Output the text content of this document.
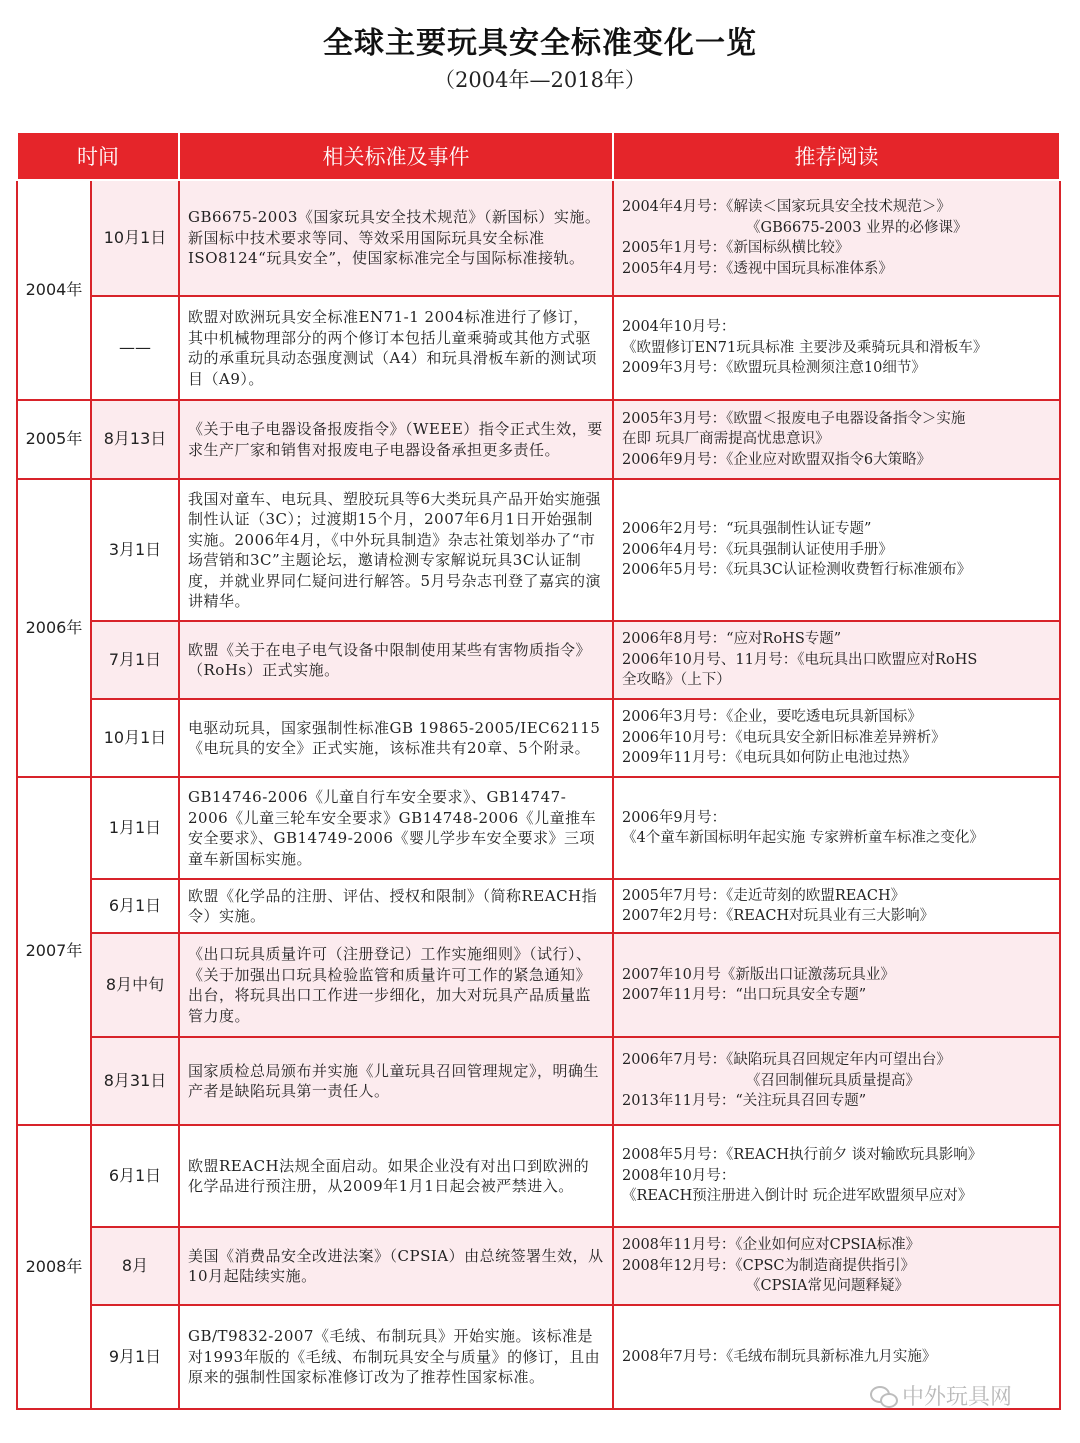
全球主要玩具安全标准变化一览
（2004年—2018年）
时间		相关标准及事件	推荐阅读
2004年	10月1日	GB6675-2003《国家玩具安全技术规范》（新国标）实施。新国标中技术要求等同、等效采用国际玩具安全标准ISO8124“玩具安全”，使国家标准完全与国际标准接轨。	2004年4月号：《解读＜国家玩具安全技术规范＞》
《GB6675-2003 业界的必修课》
2005年1月号：《新国标纵横比较》
2005年4月号：《透视中国玩具标准体系》

	——	欧盟对欧洲玩具安全标准EN71-1 2004标准进行了修订，其中机械物理部分的两个修订本包括儿童乘骑或其他方式驱动的承重玩具动态强度测试（A4）和玩具滑板车新的测试项目（A9）。	2004年10月号：
《欧盟修订EN71玩具标准 主要涉及乘骑玩具和滑板车》
2009年3月号：《欧盟玩具检测须注意10细节》

2005年	8月13日	《关于电子电器设备报废指令》（WEEE）指令正式生效，要求生产厂家和销售对报废电子电器设备承担更多责任。	2005年3月号：《欧盟＜报废电子电器设备指令＞实施
在即 玩具厂商需提高忧患意识》
2006年9月号：《企业应对欧盟双指令6大策略》

2006年	3月1日	我国对童车、电玩具、塑胶玩具等6大类玩具产品开始实施强制性认证（3C）；过渡期15个月，2007年6月1日开始强制实施。2006年4月，《中外玩具制造》杂志社策划举办了“市场营销和3C”主题论坛，邀请检测专家解说玩具3C认证制度，并就业界同仁疑问进行解答。5月号杂志刊登了嘉宾的演讲精华。	2006年2月号：“玩具强制性认证专题”
2006年4月号：《玩具强制认证使用手册》
2006年5月号：《玩具3C认证检测收费暂行标准颁布》

	7月1日	欧盟《关于在电子电气设备中限制使用某些有害物质指令》（RoHs）正式实施。	2006年8月号：“应对RoHS专题”
2006年10月号、11月号：《电玩具出口欧盟应对RoHS
全攻略》（上下）

	10月1日	电驱动玩具，国家强制性标准GB 19865-2005/IEC62115《电玩具的安全》正式实施，该标准共有20章、5个附录。	2006年3月号：《企业，要吃透电玩具新国标》
2006年10月号：《电玩具安全新旧标准差异辨析》
2009年11月号：《电玩具如何防止电池过热》

2007年	1月1日	GB14746-2006《儿童自行车安全要求》、GB14747-2006《儿童三轮车安全要求》GB14748-2006《儿童推车安全要求》、GB14749-2006《婴儿学步车安全要求》三项童车新国标实施。	2006年9月号：
《4个童车新国标明年起实施 专家辨析童车标准之变化》

	6月1日	欧盟《化学品的注册、评估、授权和限制》（简称REACH指令）实施。	2005年7月号：《走近苛刻的欧盟REACH》
2007年2月号：《REACH对玩具业有三大影响》

	8月中旬	《出口玩具质量许可（注册登记）工作实施细则》（试行）、《关于加强出口玩具检验监管和质量许可工作的紧急通知》出台，将玩具出口工作进一步细化，加大对玩具产品质量监管力度。	2007年10月号《新版出口证激荡玩具业》
2007年11月号：“出口玩具安全专题”

	8月31日	国家质检总局颁布并实施《儿童玩具召回管理规定》，明确生产者是缺陷玩具第一责任人。	2006年7月号：《缺陷玩具召回规定年内可望出台》
《召回制催玩具质量提高》
2013年11月号：“关注玩具召回专题”

2008年	6月1日	欧盟REACH法规全面启动。如果企业没有对出口到欧洲的化学品进行预注册，从2009年1月1日起会被严禁进入。	2008年5月号：《REACH执行前夕 谈对输欧玩具影响》
2008年10月号：
《REACH预注册进入倒计时 玩企进军欧盟须早应对》

	8月	美国《消费品安全改进法案》（CPSIA）由总统签署生效，从10月起陆续实施。	2008年11月号：《企业如何应对CPSIA标准》
2008年12月号：《CPSC为制造商提供指引》
《CPSIA常见问题释疑》

	9月1日	GB/T9832-2007《毛绒、布制玩具》开始实施。该标准是对1993年版的《毛绒、布制玩具安全与质量》的修订，且由原来的强制性国家标准修订改为了推荐性国家标准。	2008年7月号：《毛绒布制玩具新标准九月实施》
中外玩具网
